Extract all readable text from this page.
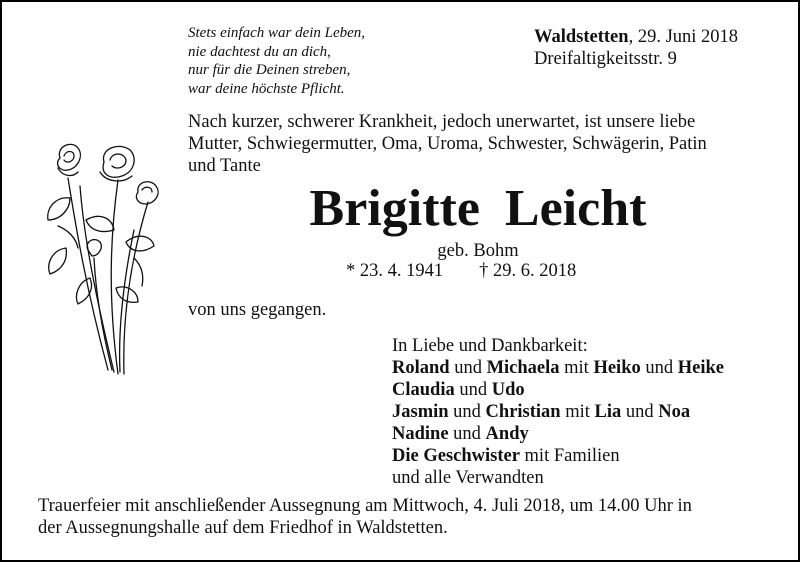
Stets einfach war dein Leben,
nie dachtest du an dich,
nur für die Deinen streben,
war deine höchste Pflicht.
Waldstetten, 29. Juni 2018
Dreifaltigkeitsstr. 9
Nach kurzer, schwerer Krankheit, jedoch unerwartet, ist unsere liebe
Mutter, Schwiegermutter, Oma, Uroma, Schwester, Schwägerin, Patin
und Tante
Brigitte Leicht
geb. Bohm
* 23. 4. 1941 † 29. 6. 2018
von uns gegangen.
In Liebe und Dankbarkeit:
Roland und Michaela mit Heiko und Heike
Claudia und Udo
Jasmin und Christian mit Lia und Noa
Nadine und Andy
Die Geschwister mit Familien
und alle Verwandten
Trauerfeier mit anschließender Aussegnung am Mittwoch, 4. Juli 2018, um 14.00 Uhr in
der Aussegnungshalle auf dem Friedhof in Waldstetten.
